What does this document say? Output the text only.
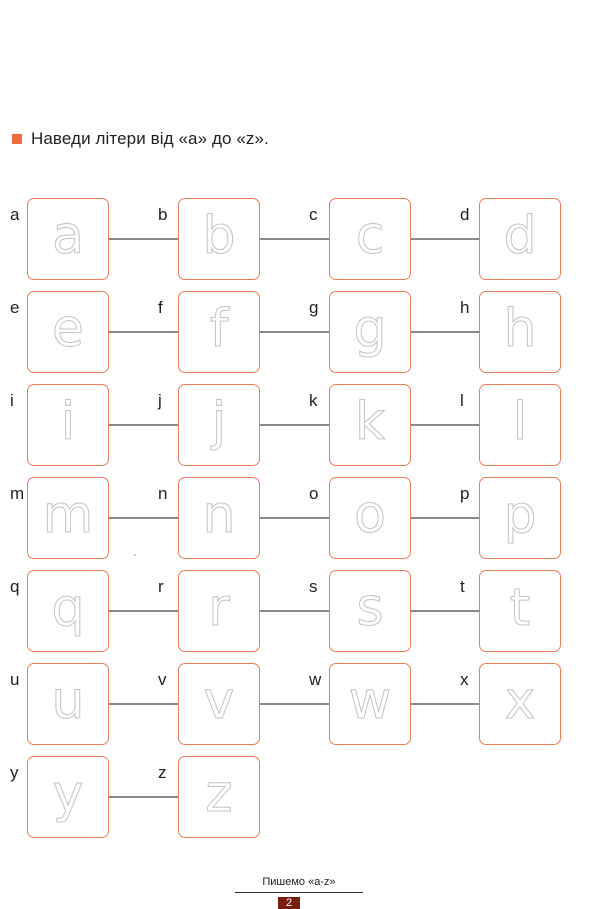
Наведи літери від «а» до «z».
a a	b b	c c	d d
e e	f f	g g	h h
i i	j j	k k	l l
m m	n n	o o	p p
q q	r r	s s	t t
u u	v v	w w	x x
y y	z z
Пишемо «a-z»
2
